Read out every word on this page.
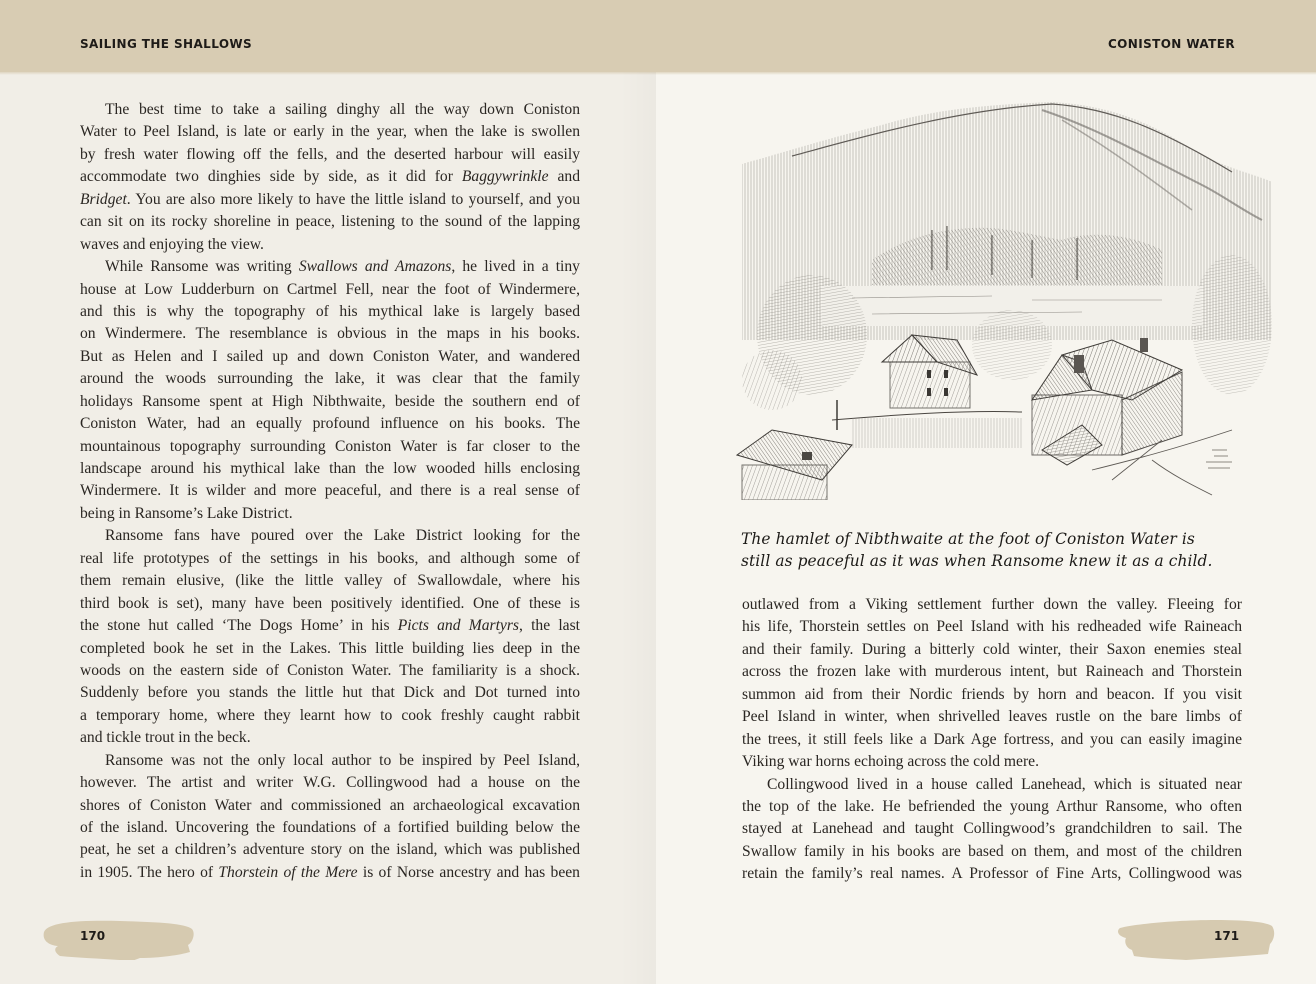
SAILING THE SHALLOWS
The best time to take a sailing dinghy all the way down Coniston
Water to Peel Island, is late or early in the year, when the lake is swollen
by fresh water flowing off the fells, and the deserted harbour will easily
accommodate two dinghies side by side, as it did for Baggywrinkle and
Bridget. You are also more likely to have the little island to yourself, and you
can sit on its rocky shoreline in peace, listening to the sound of the lapping
waves and enjoying the view.
While Ransome was writing Swallows and Amazons, he lived in a tiny
house at Low Ludderburn on Cartmel Fell, near the foot of Windermere,
and this is why the topography of his mythical lake is largely based
on Windermere. The resemblance is obvious in the maps in his books.
But as Helen and I sailed up and down Coniston Water, and wandered
around the woods surrounding the lake, it was clear that the family
holidays Ransome spent at High Nibthwaite, beside the southern end of
Coniston Water, had an equally profound influence on his books. The
mountainous topography surrounding Coniston Water is far closer to the
landscape around his mythical lake than the low wooded hills enclosing
Windermere. It is wilder and more peaceful, and there is a real sense of
being in Ransome’s Lake District.
Ransome fans have poured over the Lake District looking for the
real life prototypes of the settings in his books, and although some of
them remain elusive, (like the little valley of Swallowdale, where his
third book is set), many have been positively identified. One of these is
the stone hut called ‘The Dogs Home’ in his Picts and Martyrs, the last
completed book he set in the Lakes. This little building lies deep in the
woods on the eastern side of Coniston Water. The familiarity is a shock.
Suddenly before you stands the little hut that Dick and Dot turned into
a temporary home, where they learnt how to cook freshly caught rabbit
and tickle trout in the beck.
Ransome was not the only local author to be inspired by Peel Island,
however. The artist and writer W.G. Collingwood had a house on the
shores of Coniston Water and commissioned an archaeological excavation
of the island. Uncovering the foundations of a fortified building below the
peat, he set a children’s adventure story on the island, which was published
in 1905. The hero of Thorstein of the Mere is of Norse ancestry and has been
170
CONISTON WATER
The hamlet of Nibthwaite at the foot of Coniston Water is
still as peaceful as it was when Ransome knew it as a child.
outlawed from a Viking settlement further down the valley. Fleeing for
his life, Thorstein settles on Peel Island with his redheaded wife Raineach
and their family. During a bitterly cold winter, their Saxon enemies steal
across the frozen lake with murderous intent, but Raineach and Thorstein
summon aid from their Nordic friends by horn and beacon. If you visit
Peel Island in winter, when shrivelled leaves rustle on the bare limbs of
the trees, it still feels like a Dark Age fortress, and you can easily imagine
Viking war horns echoing across the cold mere.
Collingwood lived in a house called Lanehead, which is situated near
the top of the lake. He befriended the young Arthur Ransome, who often
stayed at Lanehead and taught Collingwood’s grandchildren to sail. The
Swallow family in his books are based on them, and most of the children
retain the family’s real names. A Professor of Fine Arts, Collingwood was
171
